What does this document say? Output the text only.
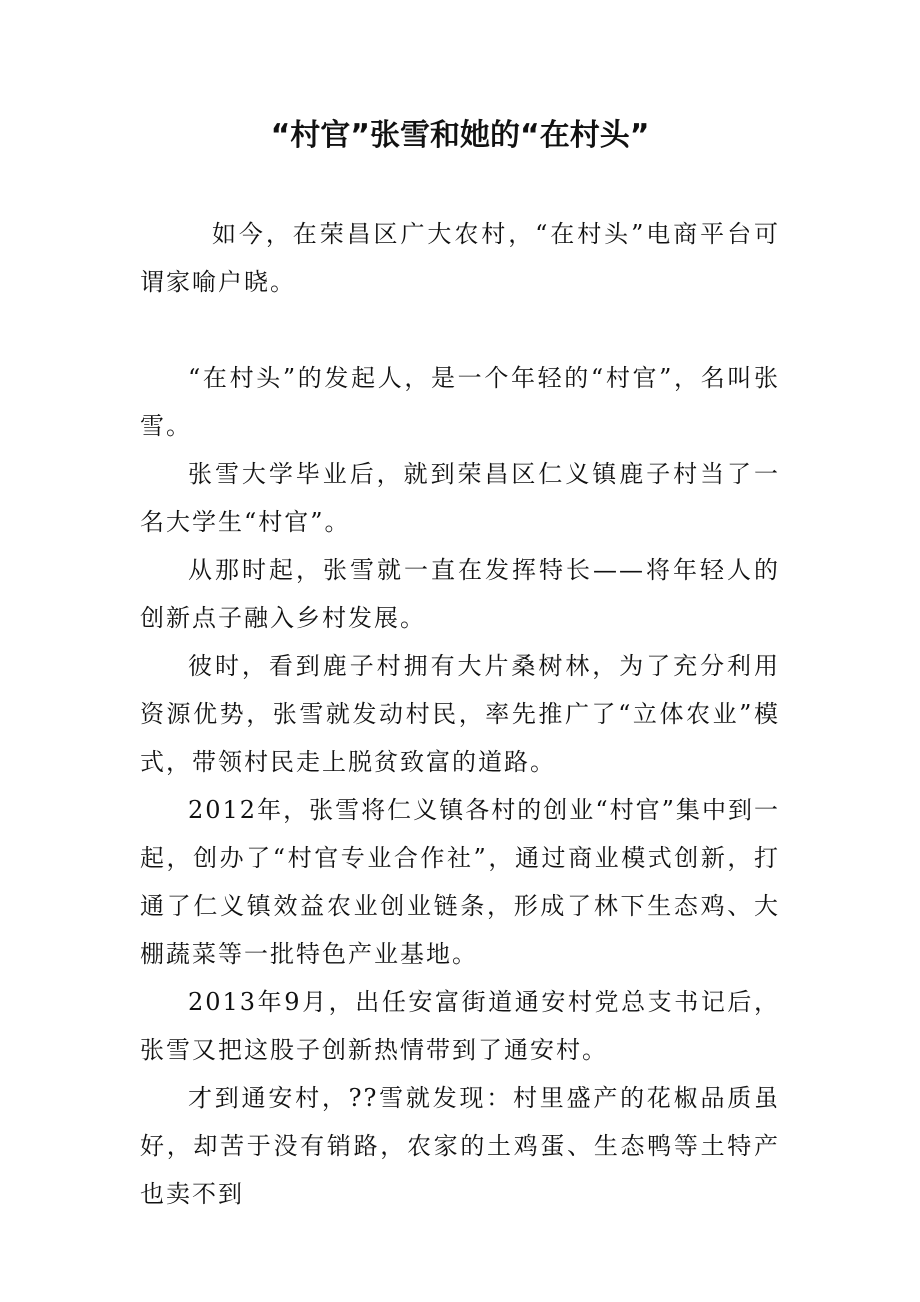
“村官”张雪和她的“在村头”

如今，在荣昌区广大农村，“在村头”电商平台可谓家喻户晓。

“在村头”的发起人，是一个年轻的“村官”，名叫张雪。

张雪大学毕业后，就到荣昌区仁义镇鹿子村当了一名大学生“村官”。

从那时起，张雪就一直在发挥特长——将年轻人的创新点子融入乡村发展。

彼时，看到鹿子村拥有大片桑树林，为了充分利用资源优势，张雪就发动村民，率先推广了“立体农业”模式，带领村民走上脱贫致富的道路。

2012年，张雪将仁义镇各村的创业“村官”集中到一起，创办了“村官专业合作社”，通过商业模式创新，打通了仁义镇效益农业创业链条，形成了林下生态鸡、大棚蔬菜等一批特色产业基地。

2013年9月，出任安富街道通安村党总支书记后，张雪又把这股子创新热情带到了通安村。

才到通安村，??雪就发现：村里盛产的花椒品质虽好，却苦于没有销路，农家的土鸡蛋、生态鸭等土特产也卖不到
